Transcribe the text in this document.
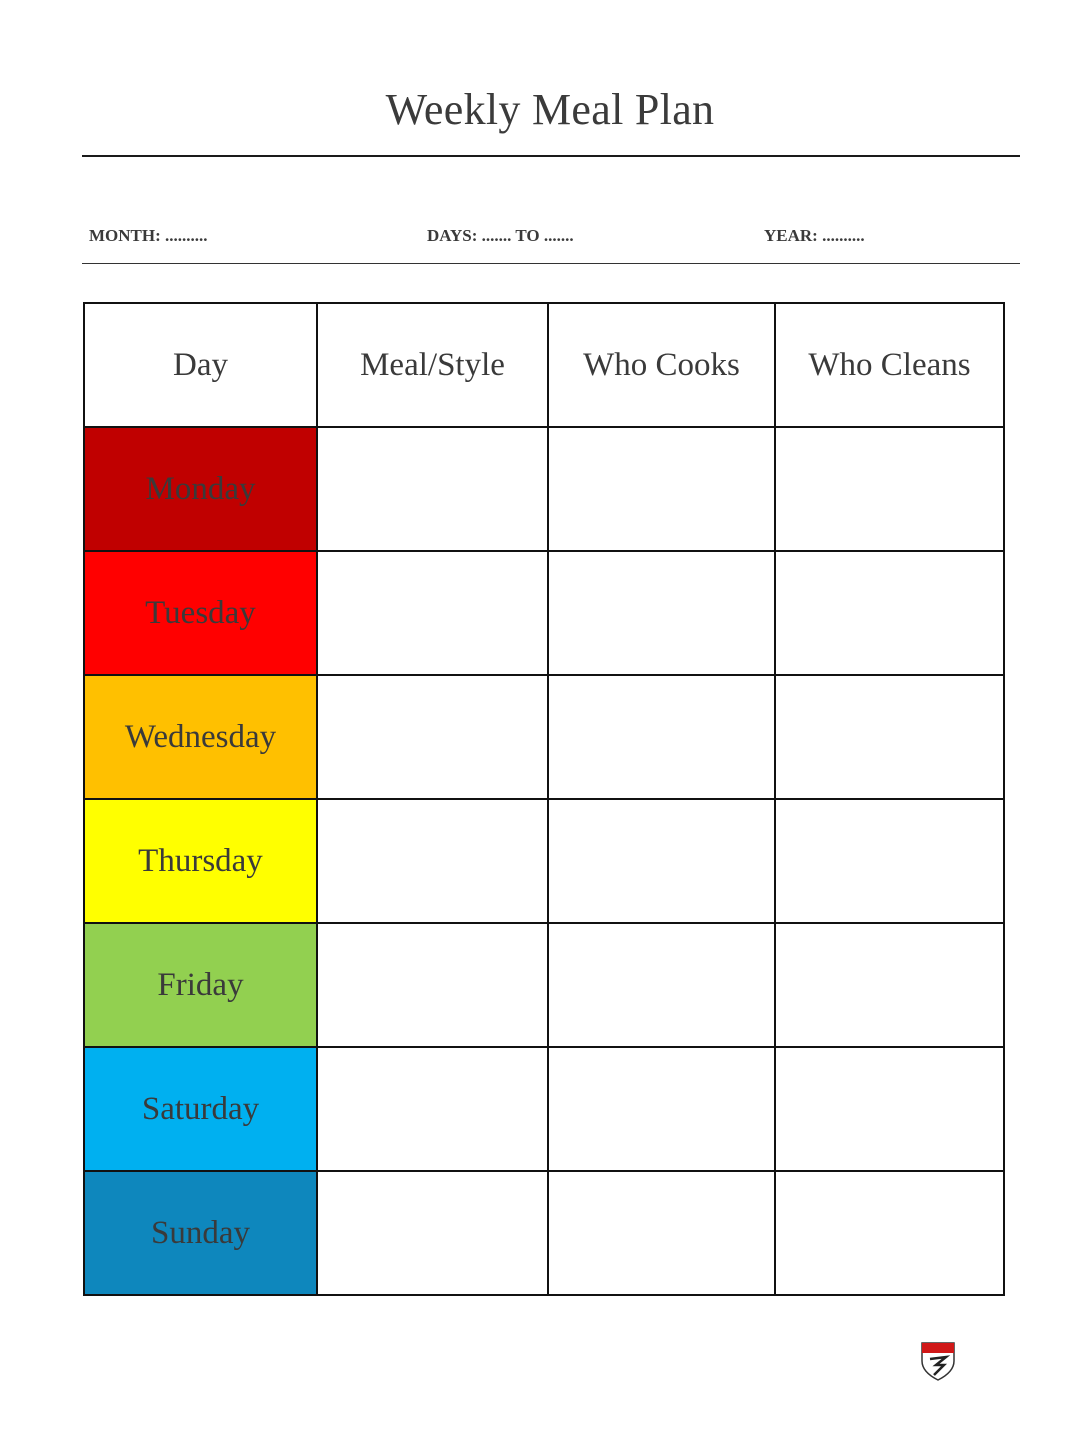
Weekly Meal Plan
MONTH: ..........	DAYS: ....... TO .......	YEAR: ..........
Day	Meal/Style	Who Cooks	Who Cleans
Monday			
Tuesday			
Wednesday			
Thursday			
Friday			
Saturday			
Sunday			
